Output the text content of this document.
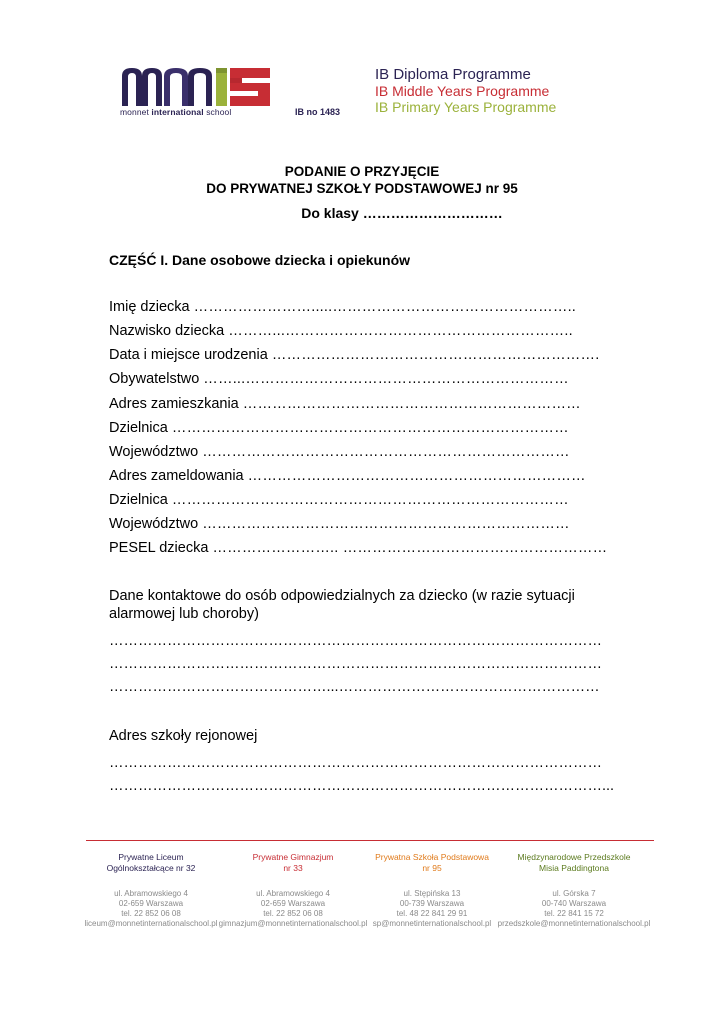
monnet international school	IB no 1483
IB Diploma Programme
IB Middle Years Programme
IB Primary Years Programme
PODANIE O PRZYJĘCIE
DO PRYWATNEJ SZKOŁY PODSTAWOWEJ nr 95
Do klasy …………………………
CZĘŚĆ I. Dane osobowe dziecka i opiekunów
Imię dziecka …………………….....…………………………………………..
Nazwisko dziecka ………...…………………………………………………..
Data i miejsce urodzenia ………………………………………………………….
Obywatelstwo ……...…………………………………………………………
Adres zamieszkania ……………………………………………………………
Dzielnica ………………………………………………………………………
Województwo …………………………………………………………………
Adres zameldowania ……………………………………………………………
Dzielnica ………………………………………………………………………
Województwo …………………………………………………………………
PESEL dziecka …………………….. ………………………………………………
Dane kontaktowe do osób odpowiedzialnych za dziecko (w razie sytuacji alarmowej lub choroby)
…………………………………………………………………………………………
…………………………………………………………………………………………
………………………………………...………………………………………………
Adres szkoły rejonowej
…………………………………………………………………………………………
…………………………………………………………………………………………...
Prywatne Liceum
Ogólnokształcące nr 32
ul. Abramowskiego 4
02-659 Warszawa
tel. 22 852 06 08
liceum@monnetinternationalschool.pl
Prywatne Gimnazjum
nr 33
ul. Abramowskiego 4
02-659 Warszawa
tel. 22 852 06 08
gimnazjum@monnetinternationalschool.pl
Prywatna Szkoła Podstawowa
nr 95
ul. Stępińska 13
00-739 Warszawa
tel. 48 22 841 29 91
sp@monnetinternationalschool.pl
Międzynarodowe Przedszkole
Misia Paddingtona
ul. Górska 7
00-740 Warszawa
tel. 22 841 15 72
przedszkole@monnetinternationalschool.pl
